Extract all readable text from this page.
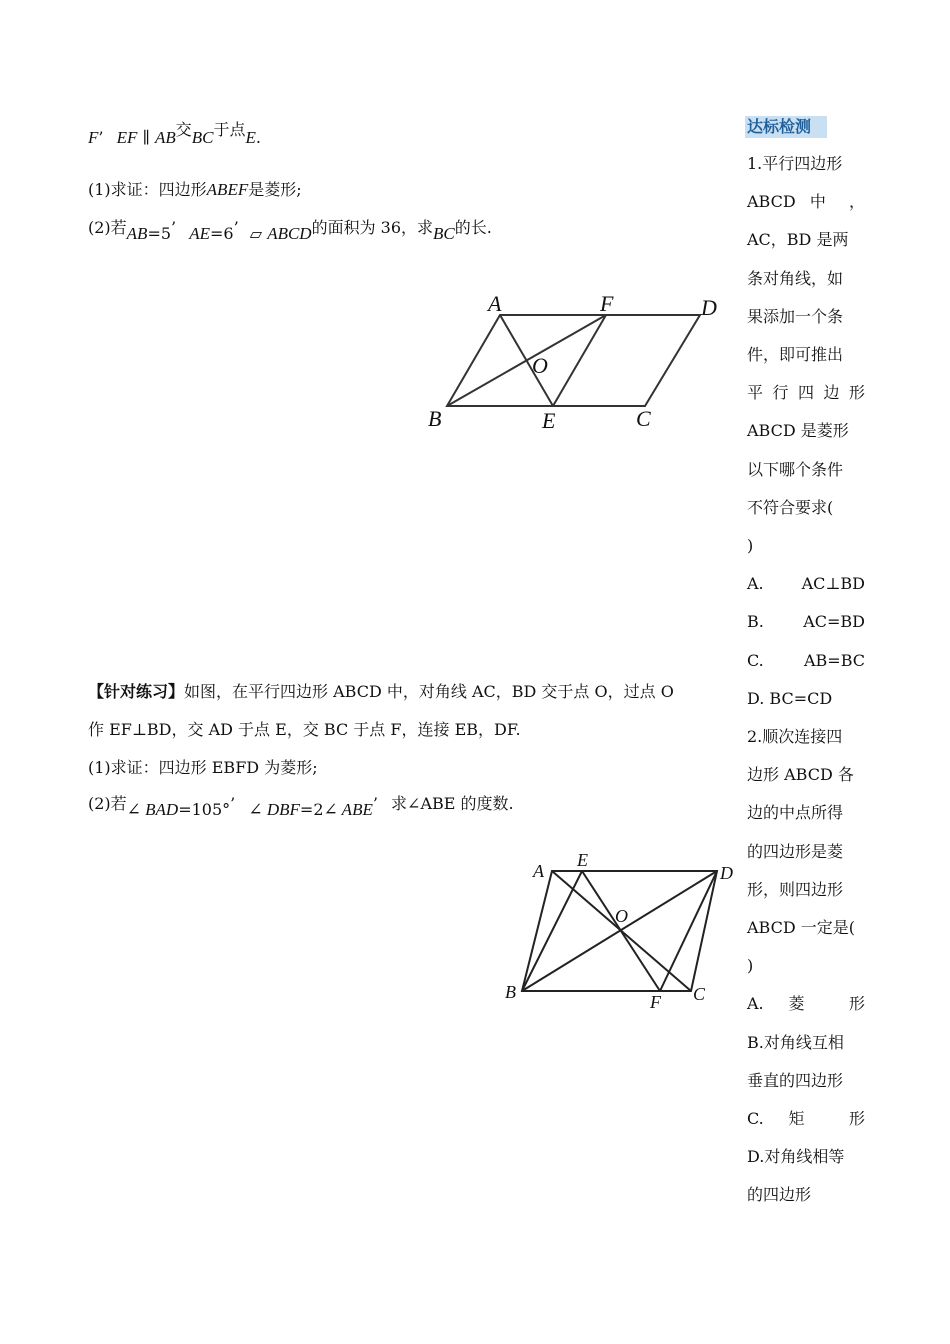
F’ EF ∥ AB交BC于点E.
(1)求证：四边形ABEF是菱形;
(2)若AB=5’ AE=6’ ▱ ABCD的面积为 36，求BC的长.
A	F	D
O
B	E	C
【针对练习】如图，在平行四边形 ABCD 中，对角线 AC，BD 交于点 O，过点 O
作 EF⊥BD，交 AD 于点 E，交 BC 于点 F，连接 EB，DF.
(1)求证：四边形 EBFD 为菱形;
(2)若∠ BAD=105°’ ∠ DBF=2∠ ABE’ 求∠ABE 的度数.
A
E
D
O
B	F C
达标检测
1.平行四边形
ABCD 中 ，
AC，BD 是两
条对角线，如
果添加一个条
件，即可推出
平行四边形
ABCD 是菱形
以下哪个条件
不符合要求(
)
A. AC⊥BD
B. AC=BD
C. AB=BC
D. BC=CD
2.顺次连接四
边形 ABCD 各
边的中点所得
的四边形是菱
形，则四边形
ABCD 一定是(
)
A. 菱 形
B.对角线互相
垂直的四边形
C. 矩 形
D.对角线相等
的四边形
